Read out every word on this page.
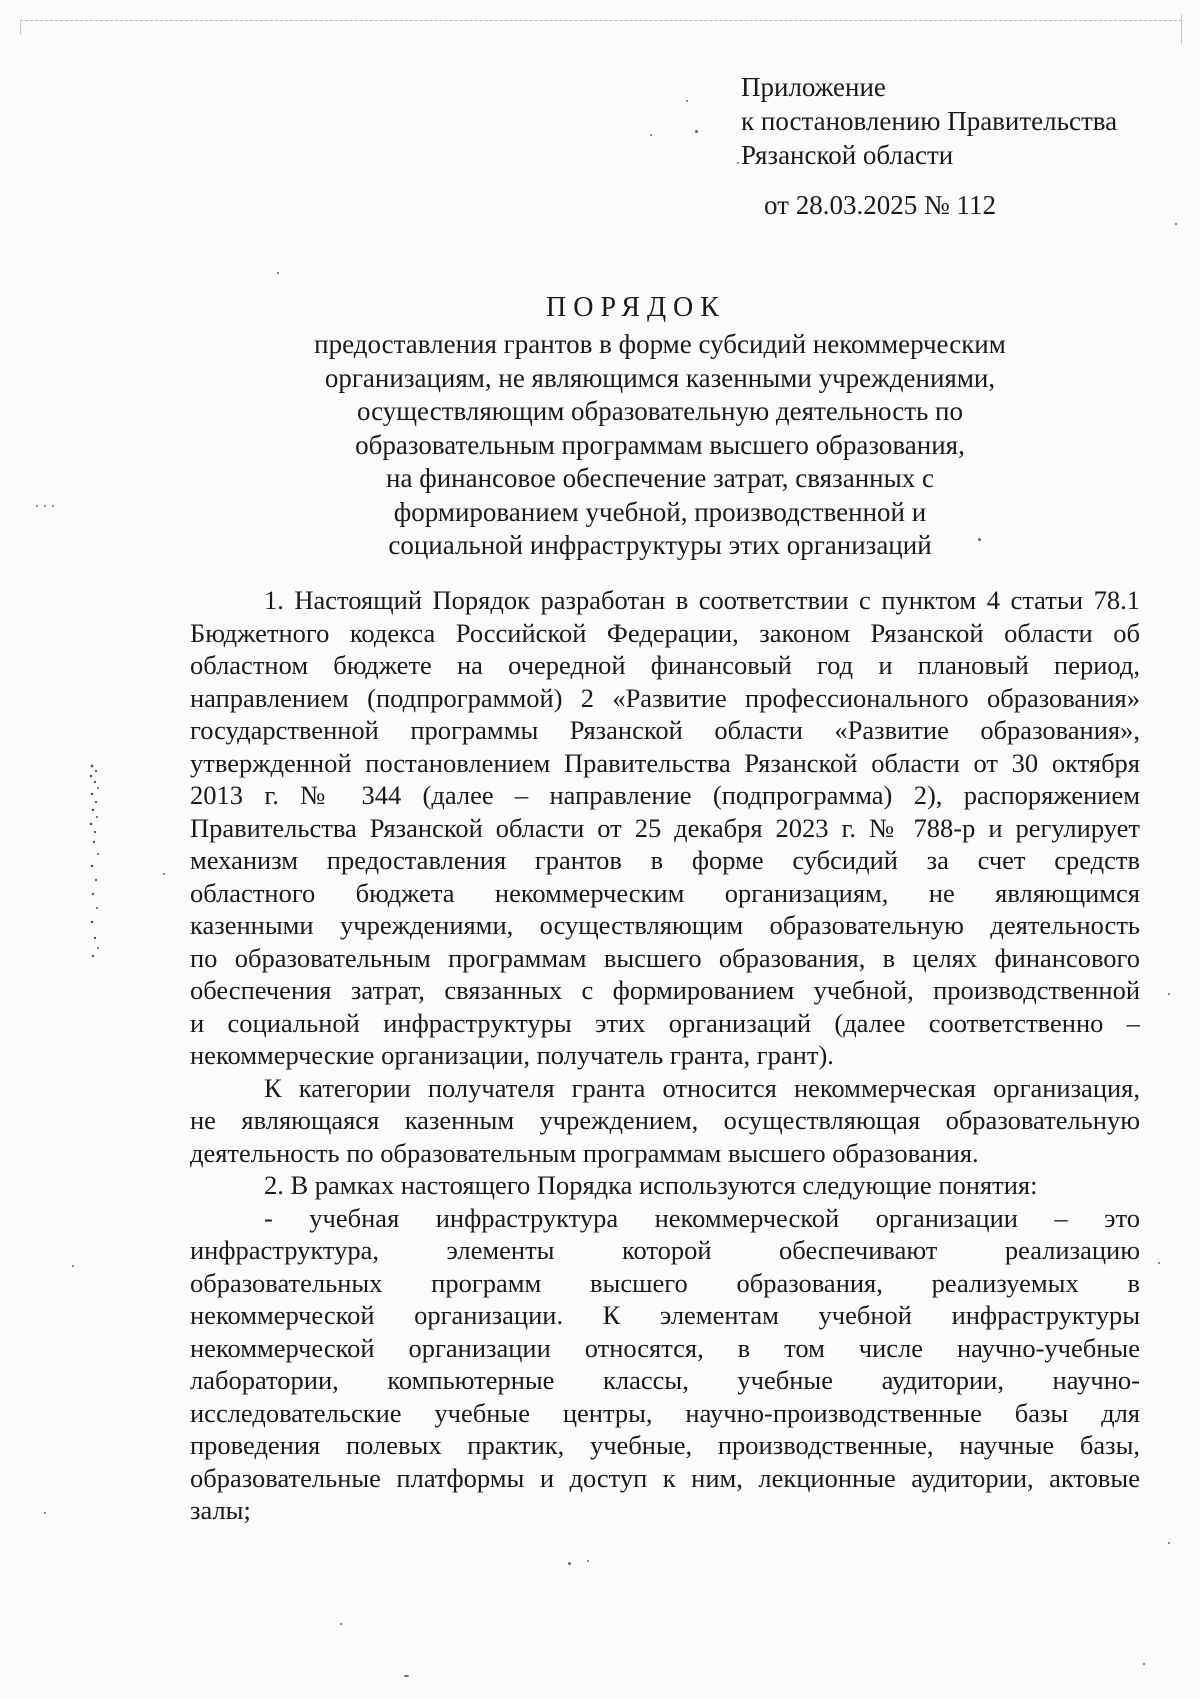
Приложение
к постановлению Правительства
Рязанской области
от 28.03.2025 № 112
ПОРЯДОК
предоставления грантов в форме субсидий некоммерческим
организациям, не являющимся казенными учреждениями,
осуществляющим образовательную деятельность по
образовательным программам высшего образования,
на финансовое обеспечение затрат, связанных с
формированием учебной, производственной и
социальной инфраструктуры этих организаций
1. Настоящий Порядок разработан в соответствии с пунктом 4 статьи 78.1
Бюджетного кодекса Российской Федерации, законом Рязанской области об
областном бюджете на очередной финансовый год и плановый период,
направлением (подпрограммой) 2 «Развитие профессионального образования»
государственной программы Рязанской области «Развитие образования»,
утвержденной постановлением Правительства Рязанской области от 30 октября
2013 г. № 344 (далее – направление (подпрограмма) 2), распоряжением
Правительства Рязанской области от 25 декабря 2023 г. № 788-р и регулирует
механизм предоставления грантов в форме субсидий за счет средств
областного бюджета некоммерческим организациям, не являющимся
казенными учреждениями, осуществляющим образовательную деятельность
по образовательным программам высшего образования, в целях финансового
обеспечения затрат, связанных с формированием учебной, производственной
и социальной инфраструктуры этих организаций (далее соответственно –
некоммерческие организации, получатель гранта, грант).
К категории получателя гранта относится некоммерческая организация,
не являющаяся казенным учреждением, осуществляющая образовательную
деятельность по образовательным программам высшего образования.
2. В рамках настоящего Порядка используются следующие понятия:
- учебная инфраструктура некоммерческой организации – это
инфраструктура, элементы которой обеспечивают реализацию
образовательных программ высшего образования, реализуемых в
некоммерческой организации. К элементам учебной инфраструктуры
некоммерческой организации относятся, в том числе научно-учебные
лаборатории, компьютерные классы, учебные аудитории, научно-
исследовательские учебные центры, научно-производственные базы для
проведения полевых практик, учебные, производственные, научные базы,
образовательные платформы и доступ к ним, лекционные аудитории, актовые
залы;
